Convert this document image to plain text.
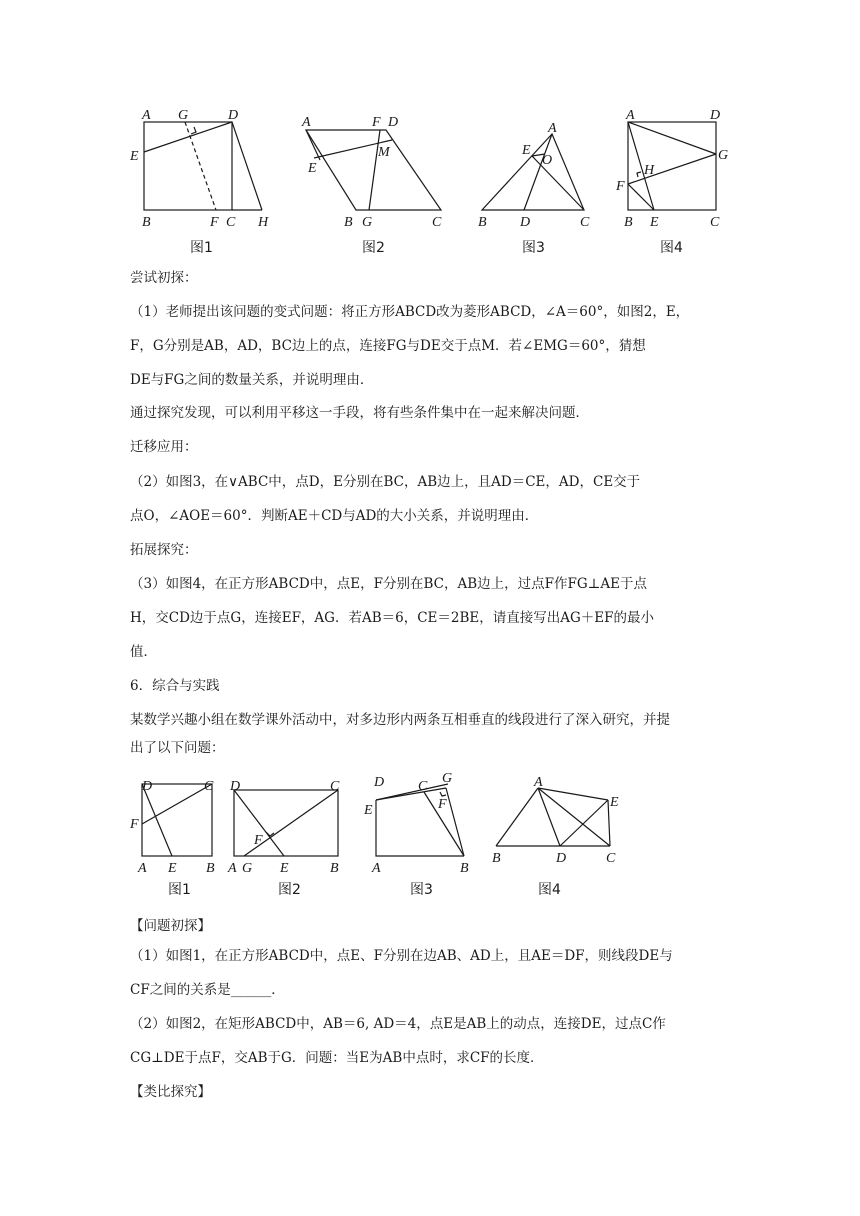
A G	D
E
B	F C H
图1
A	F D
M
E
B G	C
图2
A
E
O
B D	C
图3
A	D
G
H
F
B E	C
图4
尝试初探：
（1）老师提出该问题的变式问题：将正方形ABCD改为菱形ABCD，∠A＝60°，如图2，E，
F，G分别是AB，AD，BC边上的点，连接FG与DE交于点M．若∠EMG＝60°，猜想
DE与FG之间的数量关系，并说明理由．
通过探究发现，可以利用平移这一手段，将有些条件集中在一起来解决问题．
迁移应用：
（2）如图3，在∨ABC中，点D，E分别在BC，AB边上，且AD＝CE，AD，CE交于
点O，∠AOE＝60°．判断AE＋CD与AD的大小关系，并说明理由．
拓展探究：
（3）如图4，在正方形ABCD中，点E，F分别在BC，AB边上，过点F作FG⊥AE于点
H，交CD边于点G，连接EF，AG．若AB＝6，CE＝2BE，请直接写出AG＋EF的最小
值．
6．综合与实践
某数学兴趣小组在数学课外活动中，对多边形内两条互相垂直的线段进行了深入研究，并提
出了以下问题：
D	C
F
A E B
图1
D	C
F
A G E	B
图2
D C
G
F
E
A	B
图3
A
E
B	D	C
图4
【问题初探】
（1）如图1，在正方形ABCD中，点E、F分别在边AB、AD上，且AE＝DF，则线段DE与
CF之间的关系是______．
（2）如图2，在矩形ABCD中，AB＝6, AD＝4，点E是AB上的动点，连接DE，过点C作
CG⊥DE于点F，交AB于G．问题：当E为AB中点时，求CF的长度．
【类比探究】
